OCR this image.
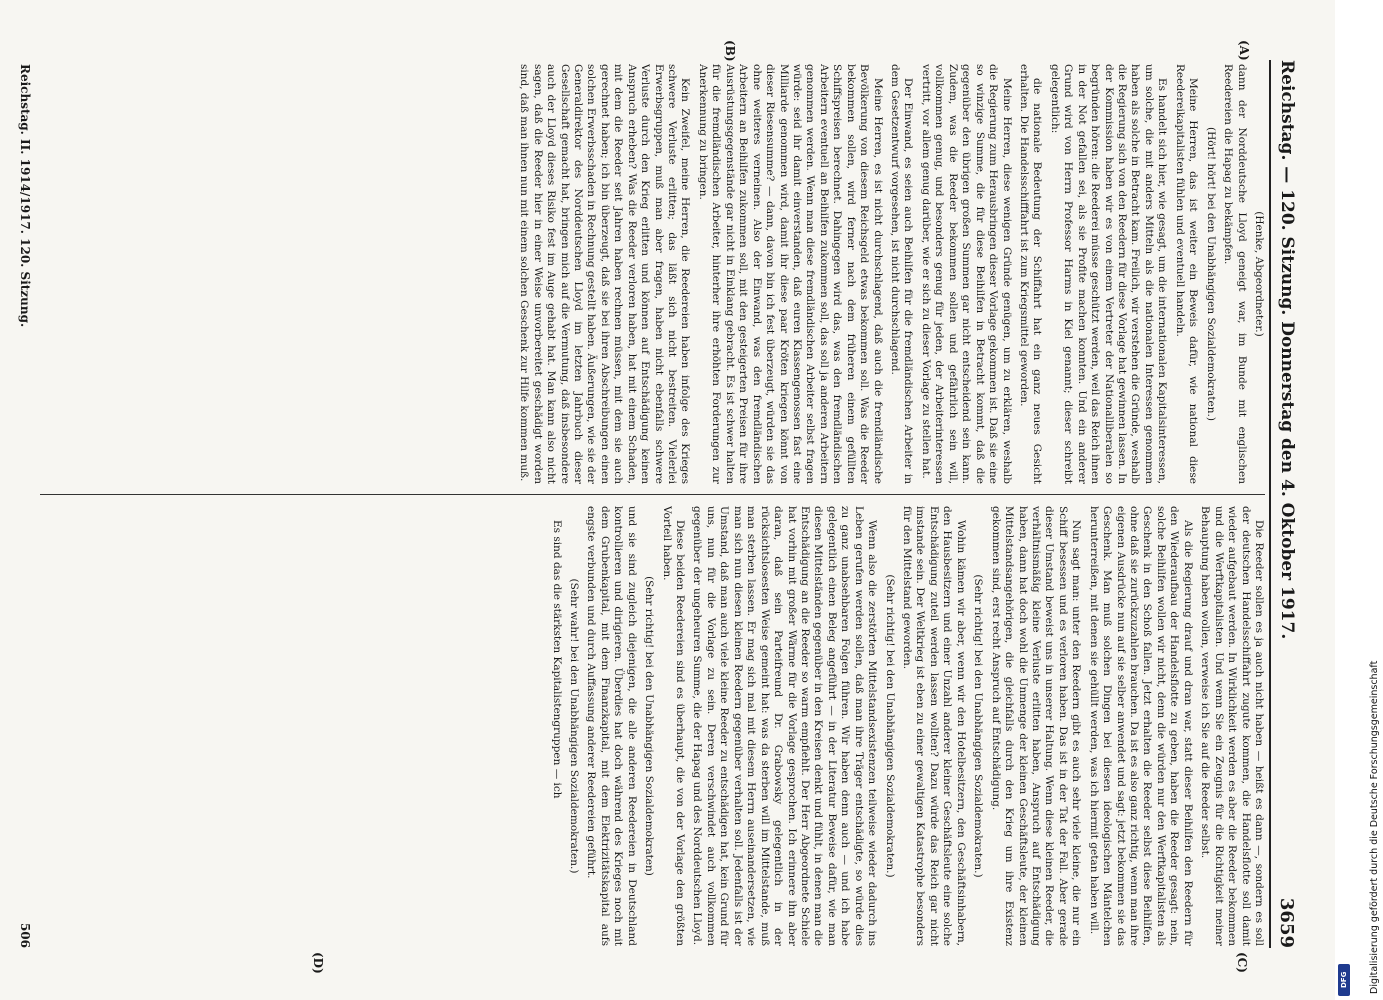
Reichstag. — 120. Sitzung. Donnerstag den 4. Oktober 1917.
3659
(A)
(B)
(C)
(D)

(Henke, Abgeordneter.)

dann der Norddeutsche Lloyd geneigt war, im Bunde mit englischen Reedereien die Hapag zu bekämpfen.

(Hört! hört! bei den Unabhängigen Sozialdemokraten.)

Meine Herren, das ist weiter ein Beweis dafür, wie national diese Reedereikapitalisten fühlen und eventuell handeln.

Es handelt sich hier, wie gesagt, um die internationalen Kapitalsinteressen, um solche, die mit anders Mitteln als die nationalen Interessen genommen haben als solche in Betracht kam. Freilich, wir verstehen die Gründe, weshalb die Regierung sich von den Reedern für diese Vorlage hat gewinnen lassen. In der Kommission haben wir es von einem Vertreter der Nationalliberalen so begründen hören: die Reederei müsse geschützt werden, weil das Reich ihnen in der Not gefallen sei, als sie Profite machen konnten. Und ein anderer Grund wird von Herrn Professor Harms in Kiel genannt; dieser schreibt gelegentlich:

die nationale Bedeutung der Schiffahrt hat ein ganz neues Gesicht erhalten. Die Handelsschifffahrt ist zum Kriegsmittel geworden.

Meine Herren, diese wenigen Gründe genügen, um zu erklären, weshalb die Regierung zum Herausbringen dieser Vorlage gekommen ist. Daß sie eine so winzige Summe, die für diese Beihilfen in Betracht kommt, daß die gegenüber den übrigen großen Summen gar nicht entscheidend sein kann. Zudem, was die Reeder bekommen sollen und gefährlich sein will, vollkommen genug, und besonders genug für jeden, der Arbeiterinteressen vertritt, vor allem genug darüber, wie er sich zu dieser Vorlage zu stellen hat.

Der Einwand, es seien auch Beihilfen für die fremdländischen Arbeiter in dem Gesetzentwurf vorgesehen, ist nicht durchschlagend.

Meine Herren, es ist nicht durchschlagend, daß auch die fremdländische Bevölkerung von diesem Reichsgeld etwas bekommen soll. Was die Reeder bekommen sollen, wird ferner nach dem früheren einem gefüllten Schiffspreisen berechnet. Dahingegen wird das, was den fremdländischen Arbeitern eventuell an Beihilfen zukommen soll, das soll ja anderen Arbeitern genommen werden. Wenn man diese fremdländischen Arbeiter selbst fragen würde: seid ihr damit einverstanden, daß euren Klassengenossen fast eine Milliarde genommen wird, damit ihr diese paar Kröten kriegen könnt von dieser Riesensumme? — dann, davon bin ich fest überzeugt, würden sie das ohne weiteres verneinen. Also der Einwand, was den fremdländischen Arbeitern an Beihilfen zukommen soll, mit den gesteigerten Preisen für ihre Ausrüstungsgegenstände gar nicht in Einklang gebracht. Es ist schwer halten für die fremdländischen Arbeiter, hinterher ihre erhöhten Forderungen zur Anerkennung zu bringen.

Kein Zweifel, meine Herren, die Reedereien haben infolge des Krieges schwere Verluste erlitten; das läßt sich nicht bestreiten. Vielerlei Erwerbsgruppen, muß man aber fragen, haben nicht ebenfalls schwere Verluste durch den Krieg erlitten und können auf Entschädigung keinen Anspruch erheben? Was die Reeder verloren haben, hat mit einem Schaden, mit dem die Reeder seit Jahren haben rechnen müssen, mit dem sie auch gerechnet haben; ich bin überzeugt, daß sie bei ihren Abschreibungen einen solchen Erwerbsschaden in Rechnung gestellt haben. Äußerungen, wie sie der Generaldirektor des Norddeutschen Lloyd im letzten Jahrbuch dieser Gesellschaft gemacht hat, bringen mich auf die Vermutung, daß insbesondere auch der Lloyd dieses Risiko fest im Auge gehabt hat. Man kann also nicht sagen, daß die Reeder hier in einer Weise unvorbereitet geschädigt worden sind, daß man ihnen nun mit einem solchen Geschenk zur Hilfe kommen muß.

Die Reeder sollen es ja auch nicht haben — heißt es dann —, sondern es soll der deutschen Handelsschiffahrt zugute kommen, die Handelsflotte soll damit wieder aufgebaut werden. In Wirklichkeit werden es aber die Reeder bekommen und die Werftkapitalisten. Und wenn Sie ein Zeugnis für die Richtigkeit meiner Behauptung haben wollen, verweise ich Sie auf die Reeder selbst.

Als die Regierung drauf und dran war, statt dieser Beihilfen den Reedern für den Wiederaufbau der Handelsflotte zu geben, haben die Reeder gesagt: nein, solche Beihilfen wollen wir nicht, denn die würden nur den Werftkapitalisten als Geschenk in den Schoß fallen. Jetzt erhalten die Reeder selbst diese Beihilfen, ohne daß sie zurückzuzahlen brauchen. Da ist es also ganz richtig, wenn man ihre eigenen Ausdrücke nun auf sie selber anwendet und sagt: jetzt bekommen sie das Geschenk. Man muß solchen Dingen bei diesen ideologischen Mäntelchen herunterreißen, mit denen sie gehüllt werden, was ich hiermit getan haben will.

Nun sagt man: unter den Reedern gibt es auch sehr viele kleine, die nur ein Schiff besessen und es verloren haben. Das ist in der Tat der Fall. Aber gerade dieser Umstand beweist uns in unserer Haltung. Wenn diese kleinen Reeder, die verhältnismäßig kleine Verluste erlitten haben, Anspruch auf Entschädigung haben, dann hat doch wohl die Unmenge der kleinen Geschäftsleute, der kleinen Mittelstandsangehörigen, die gleichfalls durch den Krieg um ihre Existenz gekommen sind, erst recht Anspruch auf Entschädigung.

(Sehr richtig! bei den Unabhängigen Sozialdemokraten.)

Wohin kämen wir aber, wenn wir den Hotelbesitzern, den Geschäftsinhabern, den Hausbesitzern und einer Unzahl anderer kleiner Geschäftsleute eine solche Entschädigung zuteil werden lassen wollten? Dazu würde das Reich gar nicht imstande sein. Der Weltkrieg ist eben zu einer gewaltigen Katastrophe besonders für den Mittelstand geworden.

(Sehr richtig! bei den Unabhängigen Sozialdemokraten.)

Wenn also die zerstörten Mittelstandsexistenzen teilweise wieder dadurch ins Leben gerufen werden sollen, daß man ihre Träger entschädigte, so würde dies zu ganz unabsehbaren Folgen führen. Wir haben denn auch — und ich habe gelegentlich einen Beleg angeführt — in der Literatur Beweise dafür, wie man diesen Mittelständen gegenüber in den Kreisen denkt und fühlt, in denen man die Entschädigung an die Reeder so warm empfiehlt. Der Herr Abgeordnete Schiele hat vorhin mit großer Wärme für die Vorlage gesprochen. Ich erinnere ihn aber daran, daß sein Parteifreund Dr. Grabowsky gelegentlich in der rücksichtslosesten Weise gemeint hat: was da sterben will im Mittelstande, muß man sterben lassen. Er mag sich mal mit diesem Herrn auseinandersetzen, wie man sich nun diesen kleinen Reedern gegenüber verhalten soll. Jedenfalls ist der Umstand, daß man auch viele kleine Reeder zu entschädigen hat, kein Grund für uns, nun für die Vorlage zu sein. Deren verschwindet auch vollkommen gegenüber der ungeheuren Summe, die der Hapag und des Norddeutschen Lloyd.

Diese beiden Reedereien sind es überhaupt, die von der Vorlage den größten Vorteil haben.

(Sehr richtig! bei den Unabhängigen Sozialdemokraten)

und sie sind zugleich diejenigen, die alle anderen Reedereien in Deutschland kontrollieren und dirigieren. Überdies hat doch während des Krieges noch mit dem Grubenkapital, mit dem Finanzkapital, mit dem Elektrizitätskapital aufs engste verbunden und durch Auffassung anderer Reedereien geführt.

(Sehr wahr! bei den Unabhängigen Sozialdemokraten.)

Es sind das die stärksten Kapitalistengruppen — ich

Reichstag. II. 1914/1917. 120. Sitzung.
506	Digitalisierung gefördert durch die Deutsche Forschungsgemeinschaft
DFG
